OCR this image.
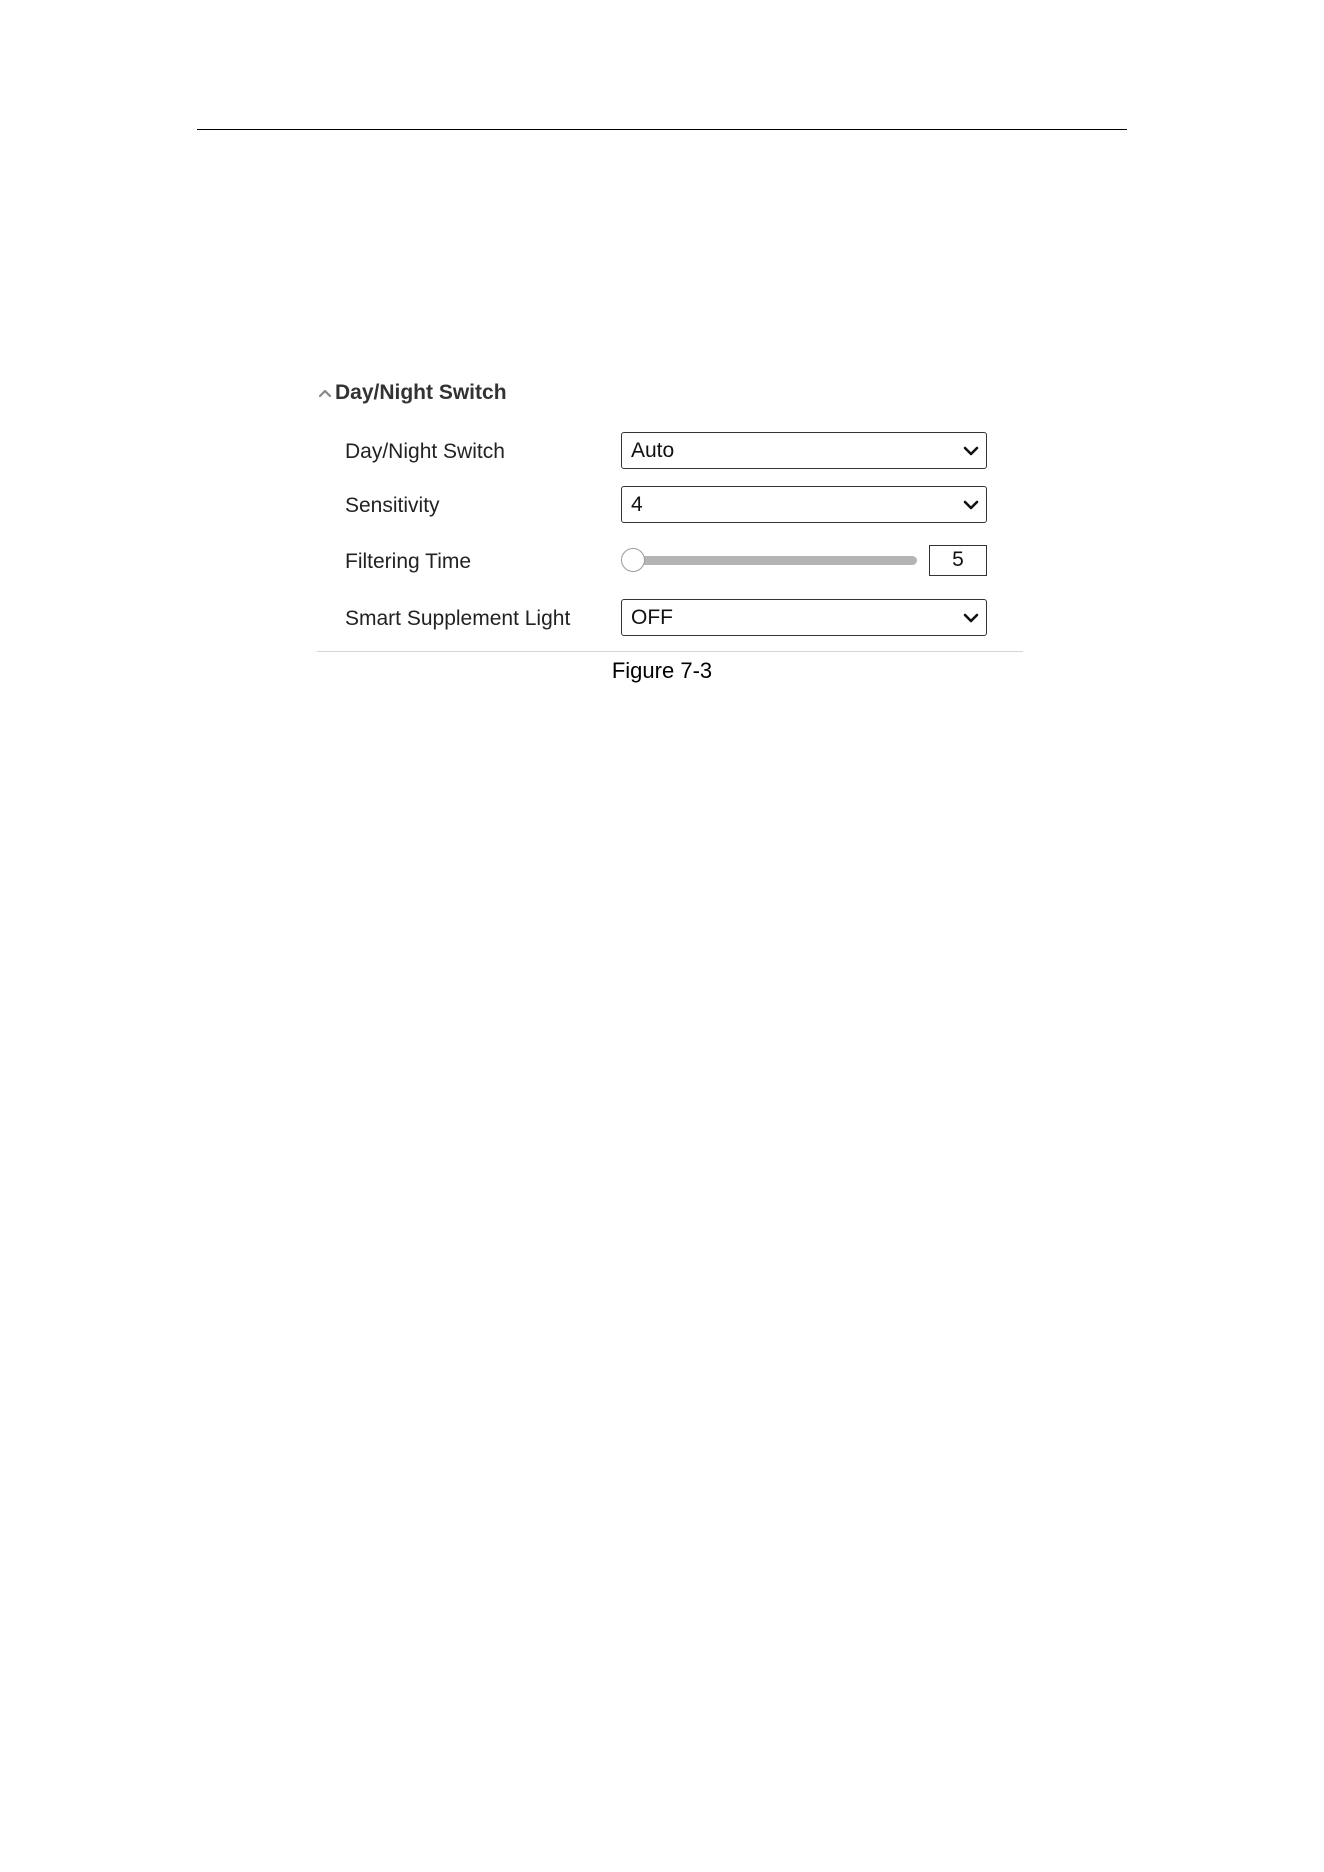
Day/Night Switch
Day/Night Switch	Auto
Sensitivity	4
Filtering Time	5
Smart Supplement Light	OFF
Figure 7-3
